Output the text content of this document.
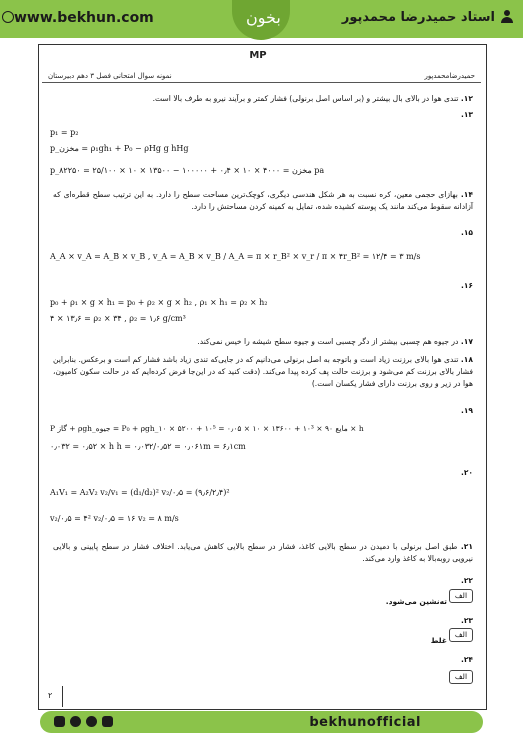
www.bekhun.com	بخون	استاد حمیدرضا محمدپور
MP
نمونه سوال امتحانی فصل ۳ دهم دبیرستان	حمیدرضامحمدپور
۱۲. تندی هوا در بالای بال بیشتر و (بر اساس اصل برنولی) فشار کمتر و برآیند نیرو به طرف بالا است.
۱۳.
p₁ = p₂
p_مخزن = ρ₁gh₁ + P₀ − ρHg g hHg
p_مخزن = ۴۰۰۰ × ۱۰ × ۰٫۴ + ۱۰۰۰۰۰ − ۱۳۵۰۰ × ۱۰ × ۲۵/۱۰۰ = ۸۲۲۵۰ pa
۱۴. بهازای حجمی معین، کره نسبت به هر شکل هندسی دیگری، کوچک‌ترین مساحت سطح را دارد. به این ترتیب سطح قطره‌ای که آزادانه سقوط می‌کند مانند یک پوسته کشیده شده، تمایل به کمینه کردن مساحتش را دارد.
۱۵.
A_A × v_A = A_B × v_B , v_A = A_B × v_B / A_A = π × r_B² × v_r / π × ۴r_B² = ۱۲/۴ = ۳ m/s
۱۶.
p₀ + ρ₁ × g × h₁ = p₀ + ρ₂ × g × h₂ , ρ₁ × h₁ = ρ₂ × h₂
۴ × ۱۳٫۶ = ρ₂ × ۳۴ , ρ₂ = ۱٫۶ g/cm³
۱۷. در جیوه هم چسبی بیشتر از دگر چسبی است و جیوه سطح شیشه را خیس نمی‌کند.
۱۸. تندی هوا بالای برزنت زیاد است و باتوجه به اصل برنولی می‌دانیم که در جایی‌که تندی زیاد باشد فشار کم است و برعکس. بنابراین فشار بالای برزنت کم می‌شود و برزنت حالت پف کرده پیدا می‌کند. (دقت کنید که در این‌جا فرض کرده‌ایم که در حالت سکون کامیون، هوا در زیر و روی برزنت دارای فشار یکسان است.)
۱۹.
P گاز + ρgh_جیوه = P₀ + ρgh_مایع ۹۰ × ۱۰³ + ۱۳۶۰۰ × ۱۰ × ۰٫۰۵ = ۱۰⁵ + ۵۲۰۰ × ۱۰ × h
۰٫۰۳۲ = ۰٫۵۲ × h h = ۰٫۰۳۲/۰٫۵۲ = ۰٫۰۶۱m = ۶٫۱cm
۲۰.
A₁V₁ = A₂V₂ v₂/v₁ = (d₁/d₂)² v₂/۰٫۵ = (۹٫۶/۲٫۴)²
v₂/۰٫۵ = ۴² v₂/۰٫۵ = ۱۶ v₂ = ۸ m/s
۲۱. طبق اصل برنولی با دمیدن در سطح بالایی کاغذ، فشار در سطح بالایی کاهش می‌یابد. اختلاف فشار در سطح پایینی و بالایی نیرویی روبه‌بالا به کاغذ وارد می‌کند.
۲۲.
الف
ته‌نشین می‌شود.
۲۳.
الف
غلط
۲۴.
الف
۲
bekhunofficial
